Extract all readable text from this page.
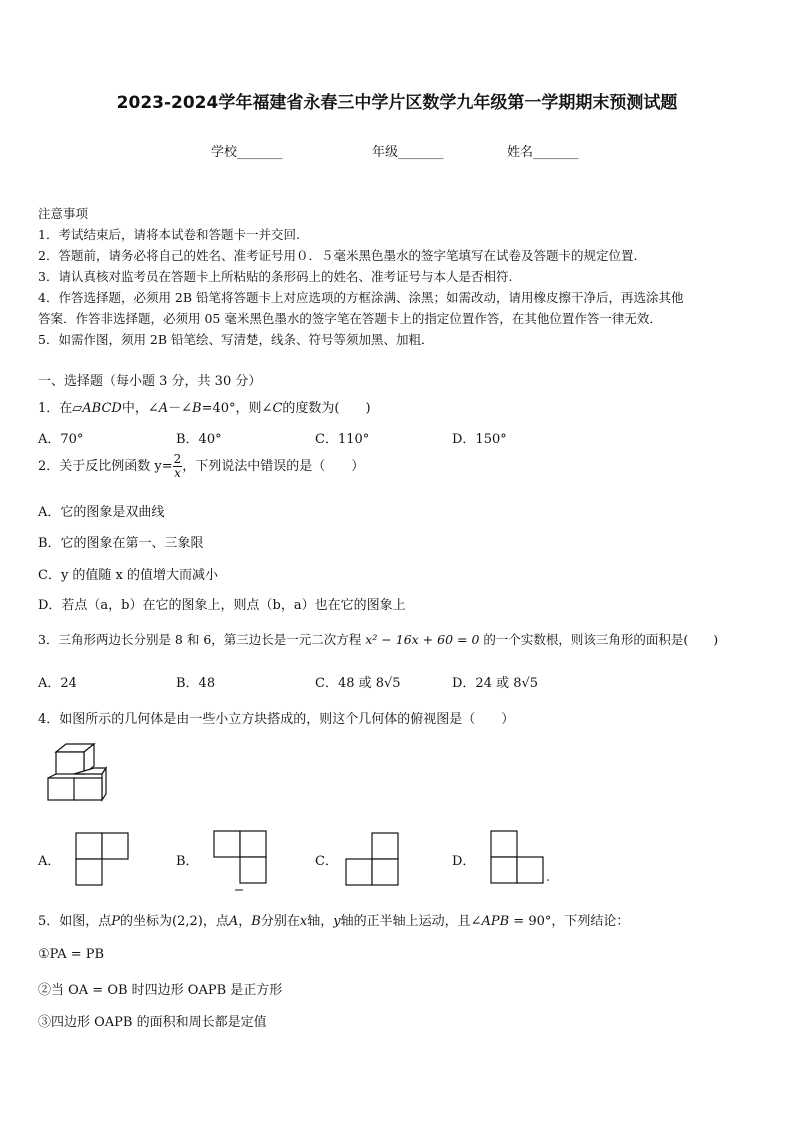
2023-2024学年福建省永春三中学片区数学九年级第一学期期末预测试题
学校_______	年级_______	姓名_______
注意事项
1．考试结束后，请将本试卷和答题卡一并交回.
2．答题前，请务必将自己的姓名、准考证号用０．５毫米黑色墨水的签字笔填写在试卷及答题卡的规定位置.
3．请认真核对监考员在答题卡上所粘贴的条形码上的姓名、准考证号与本人是否相符.
4．作答选择题，必须用 2B 铅笔将答题卡上对应选项的方框涂满、涂黑；如需改动，请用橡皮擦干净后，再选涂其他
答案．作答非选择题，必须用 05 毫米黑色墨水的签字笔在答题卡上的指定位置作答，在其他位置作答一律无效．
5．如需作图，须用 2B 铅笔绘、写清楚，线条、符号等须加黑、加粗．
一、选择题（每小题 3 分，共 30 分）
1．在▱ABCD中，∠A－∠B=40°，则∠C的度数为(　　)
A．70°	B．40°	C．110°	D．150°
2．关于反比例函数 $y= \frac{2}{x}$ ，下列说法中错误的是（　　）
A．它的图象是双曲线
B．它的图象在第一、三象限
C．y 的值随 x 的值增大而减小
D．若点（a，b）在它的图象上，则点（b，a）也在它的图象上
3．三角形两边长分别是 8 和 6，第三边长是一元二次方程 x² − 16x + 60 = 0 的一个实数根，则该三角形的面积是(　　)
A．24	B．48	C．48 或 8√5	D．24 或 8√5
4．如图所示的几何体是由一些小立方块搭成的，则这个几何体的俯视图是（　　）
A．	B．	C．	D．
5．如图，点P的坐标为(2,2)，点A，B分别在x轴，y轴的正半轴上运动，且∠APB = 90°，下列结论：
①PA = PB
②当 OA = OB 时四边形 OAPB 是正方形
③四边形 OAPB 的面积和周长都是定值
